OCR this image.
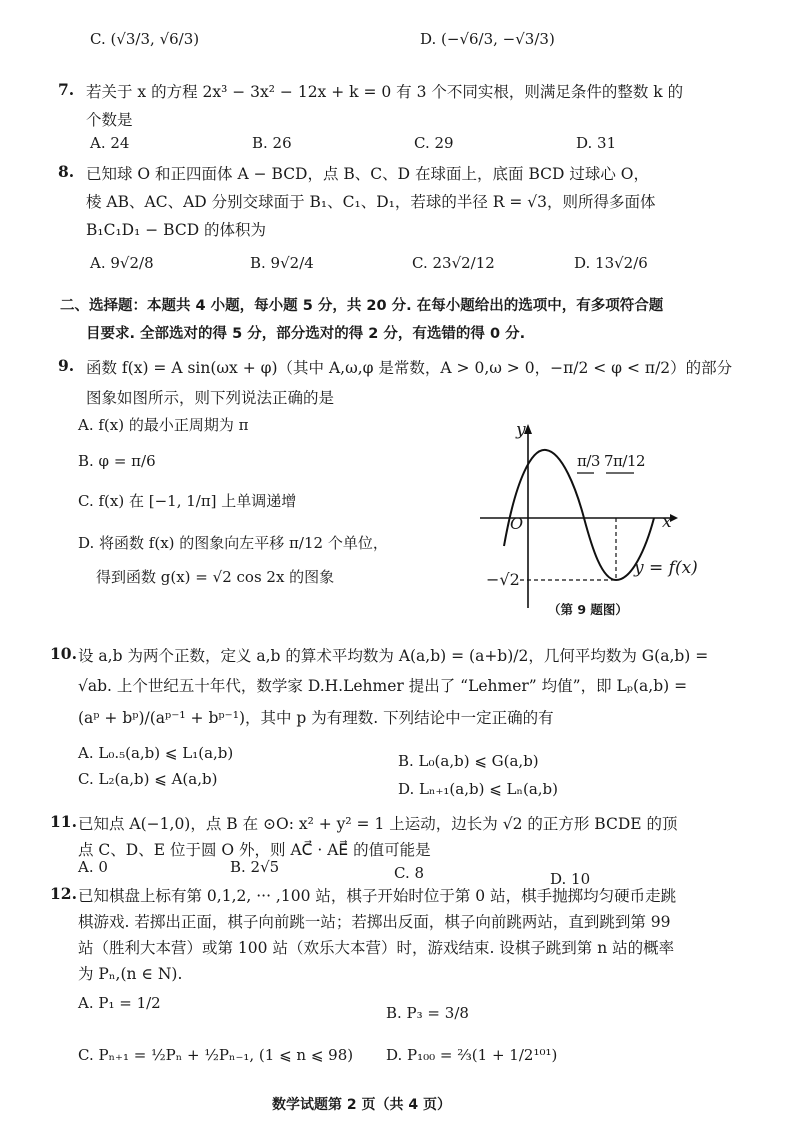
C. (√3/3, √6/3)	D. (−√6/3, −√3/3)
7. 若关于 x 的方程 2x³ − 3x² − 12x + k = 0 有 3 个不同实根，则满足条件的整数 k 的
个数是
A. 24	B. 26	C. 29	D. 31
8. 已知球 O 和正四面体 A − BCD，点 B、C、D 在球面上，底面 BCD 过球心 O，
棱 AB、AC、AD 分别交球面于 B₁、C₁、D₁，若球的半径 R = √3，则所得多面体
B₁C₁D₁ − BCD 的体积为
A. 9√2/8	B. 9√2/4	C. 23√2/12	D. 13√2/6
二、选择题：本题共 4 小题，每小题 5 分，共 20 分. 在每小题给出的选项中，有多项符合题
目要求. 全部选对的得 5 分，部分选对的得 2 分，有选错的得 0 分.
9. 函数 f(x) = A sin(ωx + φ)（其中 A,ω,φ 是常数，A > 0,ω > 0，−π/2 < φ < π/2）的部分
图象如图所示，则下列说法正确的是
A. f(x) 的最小正周期为 π
B. φ = π/6
C. f(x) 在 [−1, 1/π] 上单调递增
D. 将函数 f(x) 的图象向左平移 π/12 个单位，
得到函数 g(x) = √2 cos 2x 的图象
y
x
O
π/3 7π/12
−√2
y = f(x)
（第 9 题图）
10. 设 a,b 为两个正数，定义 a,b 的算术平均数为 A(a,b) = (a+b)/2，几何平均数为 G(a,b) =
√ab. 上个世纪五十年代，数学家 D.H.Lehmer 提出了 “Lehmer” 均值”，即 Lₚ(a,b) =
(aᵖ + bᵖ)/(aᵖ⁻¹ + bᵖ⁻¹)，其中 p 为有理数. 下列结论中一定正确的有
A. L₀.₅(a,b) ⩽ L₁(a,b)	B. L₀(a,b) ⩽ G(a,b)
C. L₂(a,b) ⩽ A(a,b)
D. Lₙ₊₁(a,b) ⩽ Lₙ(a,b)
11. 已知点 A(−1,0)，点 B 在 ⊙O: x² + y² = 1 上运动，边长为 √2 的正方形 BCDE 的顶
点 C、D、E 位于圆 O 外，则 AC⃗ · AE⃗ 的值可能是
A. 0	B. 2√5	C. 8	D. 10
12. 已知棋盘上标有第 0,1,2, ··· ,100 站，棋子开始时位于第 0 站，棋手抛掷均匀硬币走跳
棋游戏. 若掷出正面，棋子向前跳一站；若掷出反面，棋子向前跳两站，直到跳到第 99
站（胜利大本营）或第 100 站（欢乐大本营）时，游戏结束. 设棋子跳到第 n 站的概率
为 Pₙ,(n ∈ N).
A. P₁ = 1/2
B. P₃ = 3/8
C. Pₙ₊₁ = ½Pₙ + ½Pₙ₋₁, (1 ⩽ n ⩽ 98) D. P₁₀₀ = ⅔(1 + 1/2¹⁰¹)
数学试题第 2 页（共 4 页）
